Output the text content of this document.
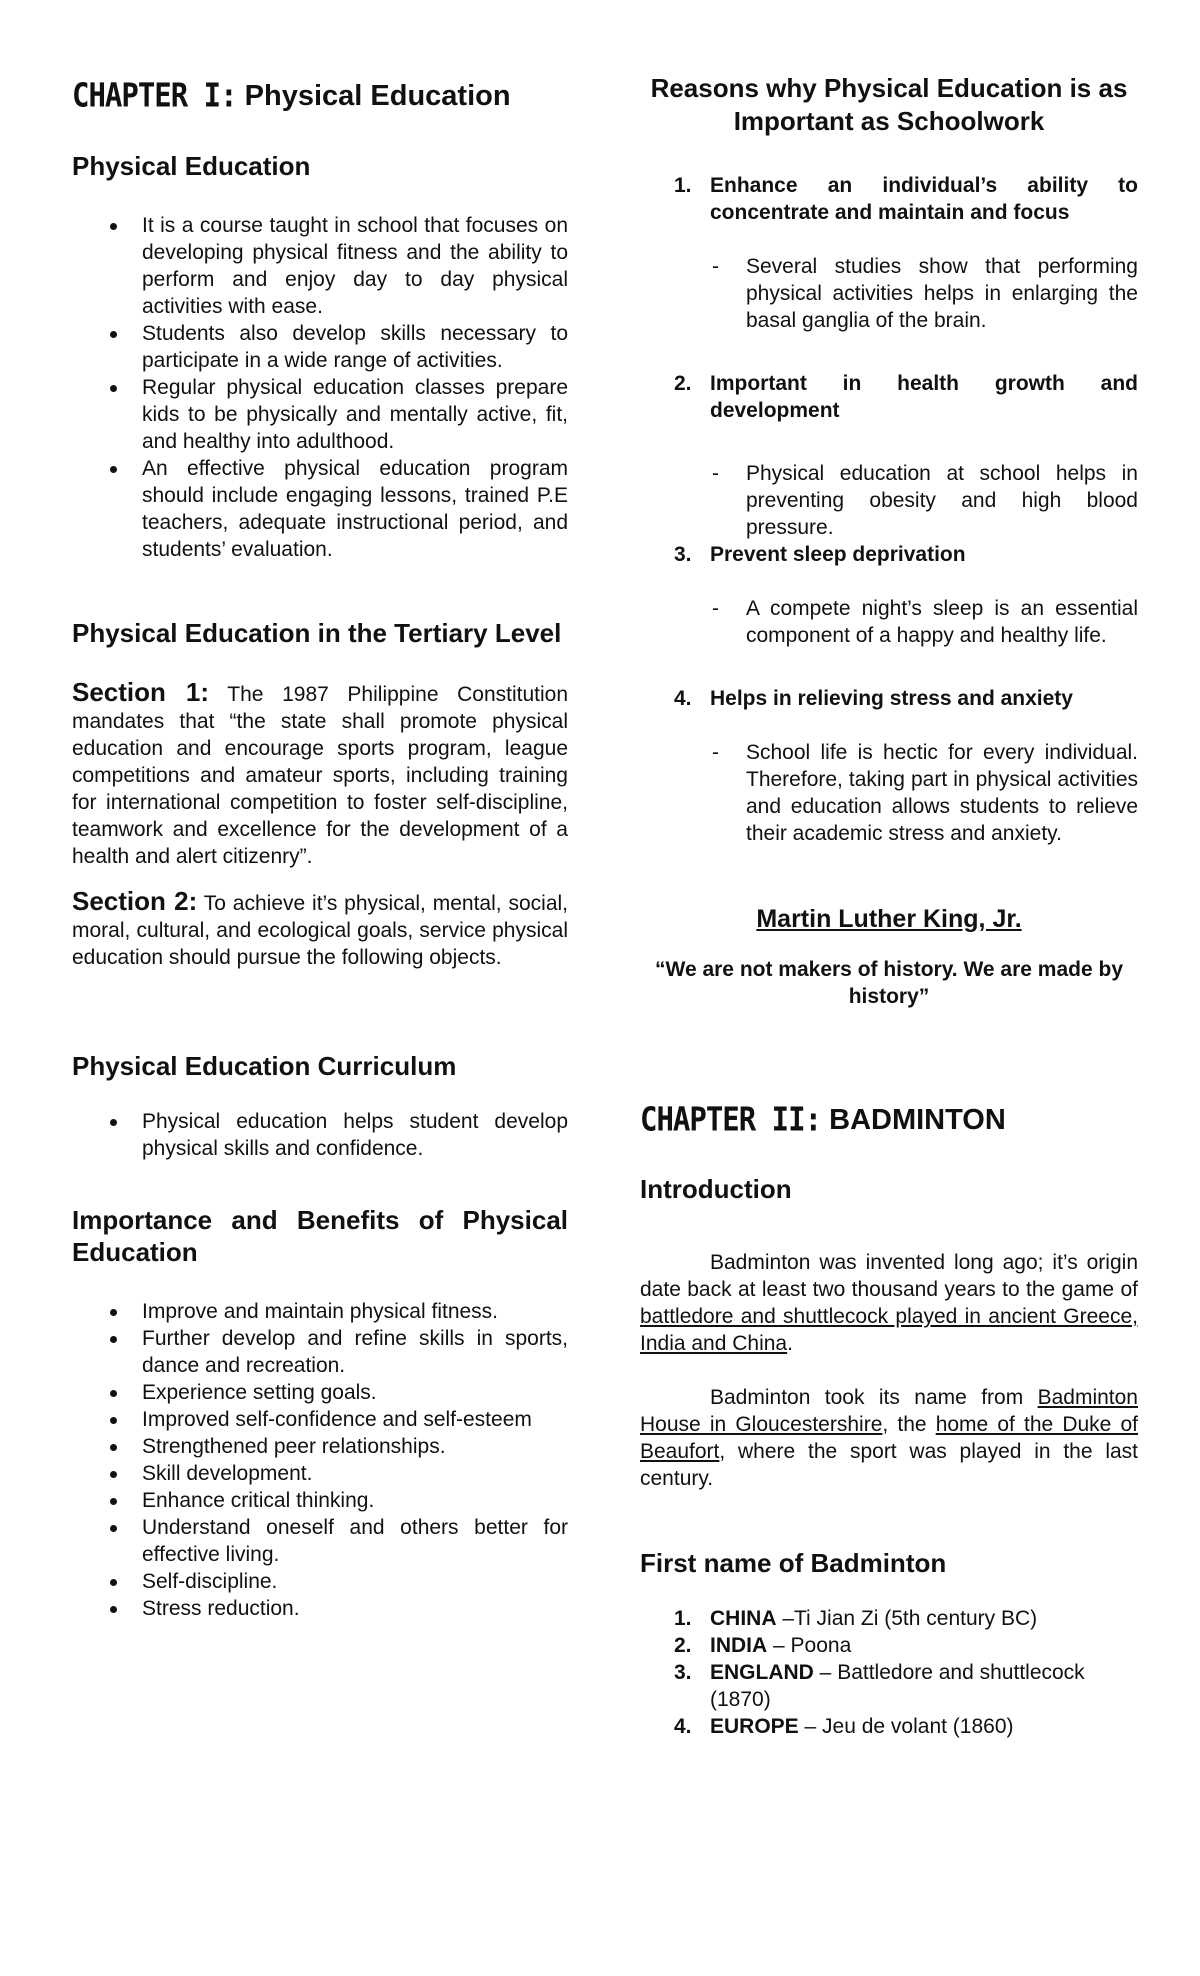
CHAPTER I: Physical Education
Physical Education
It is a course taught in school that focuses on developing physical fitness and the ability to perform and enjoy day to day physical activities with ease.
Students also develop skills necessary to participate in a wide range of activities.
Regular physical education classes prepare kids to be physically and mentally active, fit, and healthy into adulthood.
An effective physical education program should include engaging lessons, trained P.E teachers, adequate instructional period, and students’ evaluation.
Physical Education in the Tertiary Level

Section 1: The 1987 Philippine Constitution mandates that “the state shall promote physical education and encourage sports program, league competitions and amateur sports, including training for international competition to foster self-discipline, teamwork and excellence for the development of a health and alert citizenry”.

Section 2: To achieve it’s physical, mental, social, moral, cultural, and ecological goals, service physical education should pursue the following objects.

Physical Education Curriculum
Physical education helps student develop physical skills and confidence.
Importance and Benefits of Physical Education
Improve and maintain physical fitness.
Further develop and refine skills in sports, dance and recreation.
Experience setting goals.
Improved self-confidence and self-esteem
Strengthened peer relationships.
Skill development.
Enhance critical thinking.
Understand oneself and others better for effective living.
Self-discipline.
Stress reduction.

Reasons why Physical Education is as Important as Schoolwork

1. Enhance an individual’s ability to concentrate and maintain and focus
- Several studies show that performing physical activities helps in enlarging the basal ganglia of the brain.
2. Important in health growth and development
- Physical education at school helps in preventing obesity and high blood pressure.
3. Prevent sleep deprivation
- A compete night’s sleep is an essential component of a happy and healthy life.
4. Helps in relieving stress and anxiety
- School life is hectic for every individual. Therefore, taking part in physical activities and education allows students to relieve their academic stress and anxiety.

Martin Luther King, Jr.

“We are not makers of history. We are made by history”

CHAPTER II: BADMINTON
Introduction

Badminton was invented long ago; it’s origin date back at least two thousand years to the game of battledore and shuttlecock played in ancient Greece, India and China.

Badminton took its name from Badminton House in Gloucestershire, the home of the Duke of Beaufort, where the sport was played in the last century.

First name of Badminton
1. CHINA –Ti Jian Zi (5th century BC)
2. INDIA – Poona
3. ENGLAND – Battledore and shuttlecock (1870)
4. EUROPE – Jeu de volant (1860)
